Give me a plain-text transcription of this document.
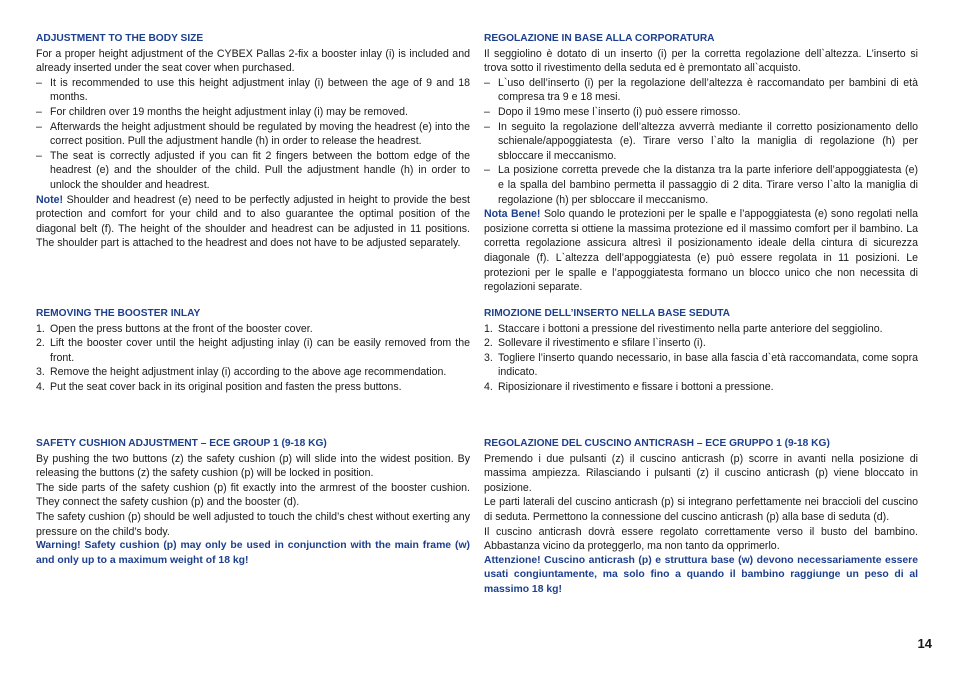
ADJUSTMENT TO THE BODY SIZE

For a proper height adjustment of the CYBEX Pallas 2-fix a booster inlay (i) is included and already inserted under the seat cover when purchased.

– It is recommended to use this height adjustment inlay (i) between the age of 9 and 18 months.

– For children over 19 months the height adjustment inlay (i) may be removed.

– Afterwards the height adjustment should be regulated by moving the headrest (e) into the correct position. Pull the adjustment handle (h) in order to release the headrest.

– The seat is correctly adjusted if you can fit 2 fingers between the bottom edge of the headrest (e) and the shoulder of the child. Pull the adjustment handle (h) in order to unlock the shoulder and headrest.

Note! Shoulder and headrest (e) need to be perfectly adjusted in height to provide the best protection and comfort for your child and to also guarantee the optimal position of the diagonal belt (f). The height of the shoulder and headrest can be adjusted in 11 positions. The shoulder part is attached to the headrest and does not have to be adjusted separately.

REMOVING THE BOOSTER INLAY

1. Open the press buttons at the front of the booster cover.

2. Lift the booster cover until the height adjusting inlay (i) can be easily removed from the front.

3. Remove the height adjustment inlay (i) according to the above age recommendation.

4. Put the seat cover back in its original position and fasten the press buttons.

SAFETY CUSHION ADJUSTMENT – ECE GROUP 1 (9-18 KG)

By pushing the two buttons (z) the safety cushion (p) will slide into the widest position. By releasing the buttons (z) the safety cushion (p) will be locked in position.

The side parts of the safety cushion (p) fit exactly into the armrest of the booster cushion. They connect the safety cushion (p) and the booster (d).

The safety cushion (p) should be well adjusted to touch the child’s chest without exerting any pressure on the child’s body.

Warning! Safety cushion (p) may only be used in conjunction with the main frame (w) and only up to a maximum weight of 18 kg!

REGOLAZIONE IN BASE ALLA CORPORATURA

Il seggiolino è dotato di un inserto (i) per la corretta regolazione dell`altezza. L’inserto si trova sotto il rivestimento della seduta ed è premontato all`acquisto.

– L`uso dell’inserto (i) per la regolazione dell’altezza è raccomandato per bambini di età compresa tra 9 e 18 mesi.

– Dopo il 19mo mese l`inserto (i) può essere rimosso.

– In seguito la regolazione dell’altezza avverrà mediante il corretto posizionamento dello schienale/appoggiatesta (e). Tirare verso l`alto la maniglia di regolazione (h) per sbloccare il meccanismo.

– La posizione corretta prevede che la distanza tra la parte inferiore dell’appoggiatesta (e) e la spalla del bambino permetta il passaggio di 2 dita. Tirare verso l`alto la maniglia di regolazione (h) per sbloccare il meccanismo.

Nota Bene! Solo quando le protezioni per le spalle e l’appoggiatesta (e) sono regolati nella posizione corretta si ottiene la massima protezione ed il massimo comfort per il bambino. La corretta regolazione assicura altresì il posizionamento ideale della cintura di sicurezza diagonale (f). L`altezza dell’appoggiatesta (e) può essere regolata in 11 posizioni. Le protezioni per le spalle e l’appoggiatesta formano un blocco unico che non necessita di regolazioni separate.

RIMOZIONE DELL’INSERTO NELLA BASE SEDUTA

1. Staccare i bottoni a pressione del rivestimento nella parte anteriore del seggiolino.

2. Sollevare il rivestimento e sfilare l`inserto (i).

3. Togliere l’inserto quando necessario, in base alla fascia d`età raccomandata, come sopra indicato.

4. Riposizionare il rivestimento e fissare i bottoni a pressione.

REGOLAZIONE DEL CUSCINO ANTICRASH – ECE GRUPPO 1 (9-18 KG)

Premendo i due pulsanti (z) il cuscino anticrash (p) scorre in avanti nella posizione di massima ampiezza. Rilasciando i pulsanti (z) il cuscino anticrash (p) viene bloccato in posizione.

Le parti laterali del cuscino anticrash (p) si integrano perfettamente nei braccioli del cuscino di seduta. Permettono la connessione del cuscino anticrash (p) alla base di seduta (d).

Il cuscino anticrash dovrà essere regolato correttamente verso il busto del bambino. Abbastanza vicino da proteggerlo, ma non tanto da opprimerlo.

Attenzione! Cuscino anticrash (p) e struttura base (w) devono necessariamente essere usati congiuntamente, ma solo fino a quando il bambino raggiunge un peso di al massimo 18 kg!

14
